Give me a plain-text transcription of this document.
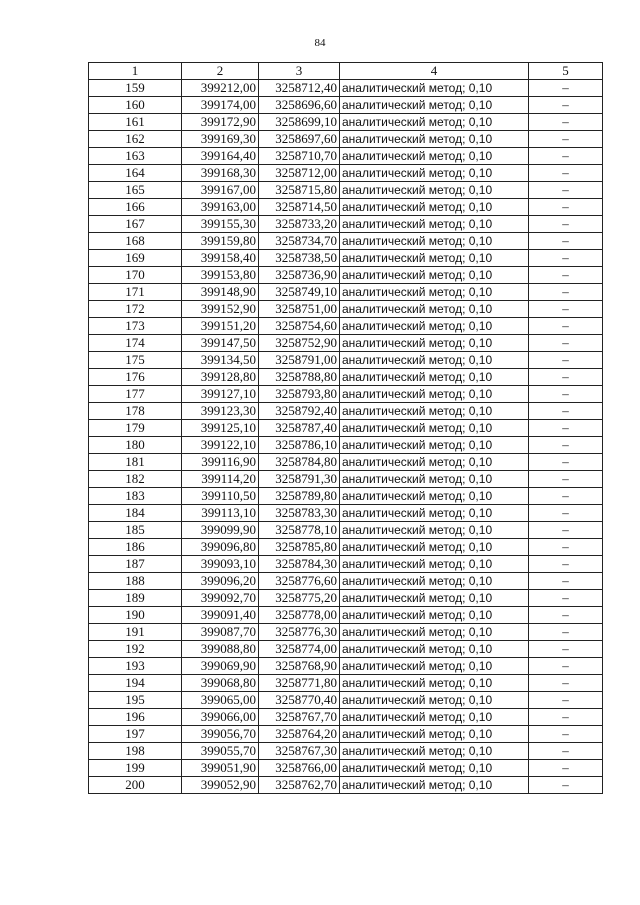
84
1	2	3	4	5
159	399212,00	3258712,40	аналитический метод; 0,10	–
160	399174,00	3258696,60	аналитический метод; 0,10	–
161	399172,90	3258699,10	аналитический метод; 0,10	–
162	399169,30	3258697,60	аналитический метод; 0,10	–
163	399164,40	3258710,70	аналитический метод; 0,10	–
164	399168,30	3258712,00	аналитический метод; 0,10	–
165	399167,00	3258715,80	аналитический метод; 0,10	–
166	399163,00	3258714,50	аналитический метод; 0,10	–
167	399155,30	3258733,20	аналитический метод; 0,10	–
168	399159,80	3258734,70	аналитический метод; 0,10	–
169	399158,40	3258738,50	аналитический метод; 0,10	–
170	399153,80	3258736,90	аналитический метод; 0,10	–
171	399148,90	3258749,10	аналитический метод; 0,10	–
172	399152,90	3258751,00	аналитический метод; 0,10	–
173	399151,20	3258754,60	аналитический метод; 0,10	–
174	399147,50	3258752,90	аналитический метод; 0,10	–
175	399134,50	3258791,00	аналитический метод; 0,10	–
176	399128,80	3258788,80	аналитический метод; 0,10	–
177	399127,10	3258793,80	аналитический метод; 0,10	–
178	399123,30	3258792,40	аналитический метод; 0,10	–
179	399125,10	3258787,40	аналитический метод; 0,10	–
180	399122,10	3258786,10	аналитический метод; 0,10	–
181	399116,90	3258784,80	аналитический метод; 0,10	–
182	399114,20	3258791,30	аналитический метод; 0,10	–
183	399110,50	3258789,80	аналитический метод; 0,10	–
184	399113,10	3258783,30	аналитический метод; 0,10	–
185	399099,90	3258778,10	аналитический метод; 0,10	–
186	399096,80	3258785,80	аналитический метод; 0,10	–
187	399093,10	3258784,30	аналитический метод; 0,10	–
188	399096,20	3258776,60	аналитический метод; 0,10	–
189	399092,70	3258775,20	аналитический метод; 0,10	–
190	399091,40	3258778,00	аналитический метод; 0,10	–
191	399087,70	3258776,30	аналитический метод; 0,10	–
192	399088,80	3258774,00	аналитический метод; 0,10	–
193	399069,90	3258768,90	аналитический метод; 0,10	–
194	399068,80	3258771,80	аналитический метод; 0,10	–
195	399065,00	3258770,40	аналитический метод; 0,10	–
196	399066,00	3258767,70	аналитический метод; 0,10	–
197	399056,70	3258764,20	аналитический метод; 0,10	–
198	399055,70	3258767,30	аналитический метод; 0,10	–
199	399051,90	3258766,00	аналитический метод; 0,10	–
200	399052,90	3258762,70	аналитический метод; 0,10	–
